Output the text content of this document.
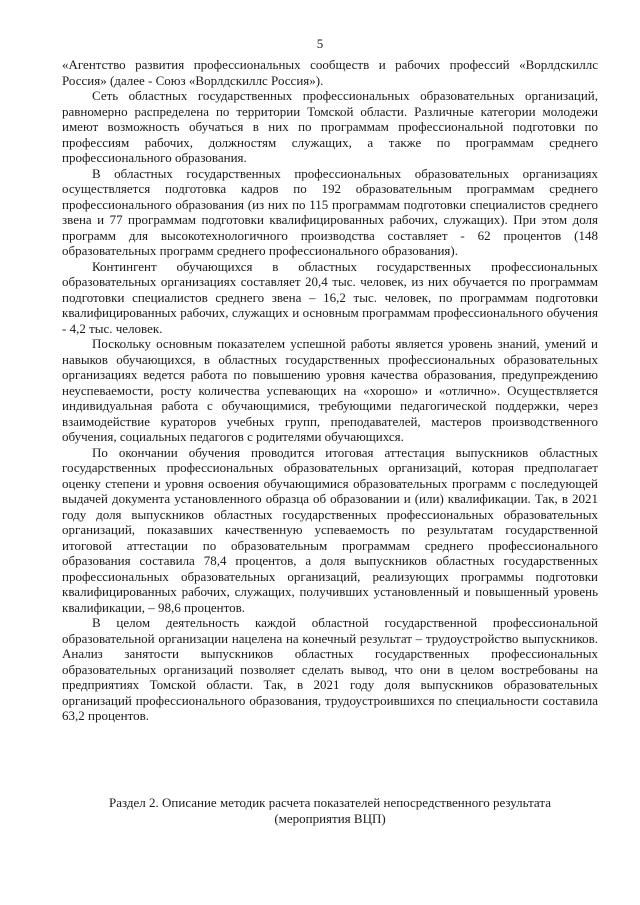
5

«Агентство развития профессиональных сообществ и рабочих профессий «Ворлдскиллс Россия» (далее - Союз «Ворлдскиллс Россия»).

Сеть областных государственных профессиональных образовательных организаций, равномерно распределена по территории Томской области. Различные категории молодежи имеют возможность обучаться в них по программам профессиональной подготовки по профессиям рабочих, должностям служащих, а также по программам среднего профессионального образования.

В областных государственных профессиональных образовательных организациях осуществляется подготовка кадров по 192 образовательным программам среднего профессионального образования (из них по 115 программам подготовки специалистов среднего звена и 77 программам подготовки квалифицированных рабочих, служащих). При этом доля программ для высокотехнологичного производства составляет - 62 процентов (148 образовательных программ среднего профессионального образования).

Контингент обучающихся в областных государственных профессиональных образовательных организациях составляет 20,4 тыс. человек, из них обучается по программам подготовки специалистов среднего звена – 16,2 тыс. человек, по программам подготовки квалифицированных рабочих, служащих и основным программам профессионального обучения - 4,2 тыс. человек.

Поскольку основным показателем успешной работы является уровень знаний, умений и навыков обучающихся, в областных государственных профессиональных образовательных организациях ведется работа по повышению уровня качества образования, предупреждению неуспеваемости, росту количества успевающих на «хорошо» и «отлично». Осуществляется индивидуальная работа с обучающимися, требующими педагогической поддержки, через взаимодействие кураторов учебных групп, преподавателей, мастеров производственного обучения, социальных педагогов с родителями обучающихся.

По окончании обучения проводится итоговая аттестация выпускников областных государственных профессиональных образовательных организаций, которая предполагает оценку степени и уровня освоения обучающимися образовательных программ с последующей выдачей документа установленного образца об образовании и (или) квалификации. Так, в 2021 году доля выпускников областных государственных профессиональных образовательных организаций, показавших качественную успеваемость по результатам государственной итоговой аттестации по образовательным программам среднего профессионального образования составила 78,4 процентов, а доля выпускников областных государственных профессиональных образовательных организаций, реализующих программы подготовки квалифицированных рабочих, служащих, получивших установленный и повышенный уровень квалификации, – 98,6 процентов.

В целом деятельность каждой областной государственной профессиональной образовательной организации нацелена на конечный результат – трудоустройство выпускников. Анализ занятости выпускников областных государственных профессиональных образовательных организаций позволяет сделать вывод, что они в целом востребованы на предприятиях Томской области. Так, в 2021 году доля выпускников образовательных организаций профессионального образования, трудоустроившихся по специальности составила 63,2 процентов.

Раздел 2. Описание методик расчета показателей непосредственного результата

(мероприятия ВЦП)
